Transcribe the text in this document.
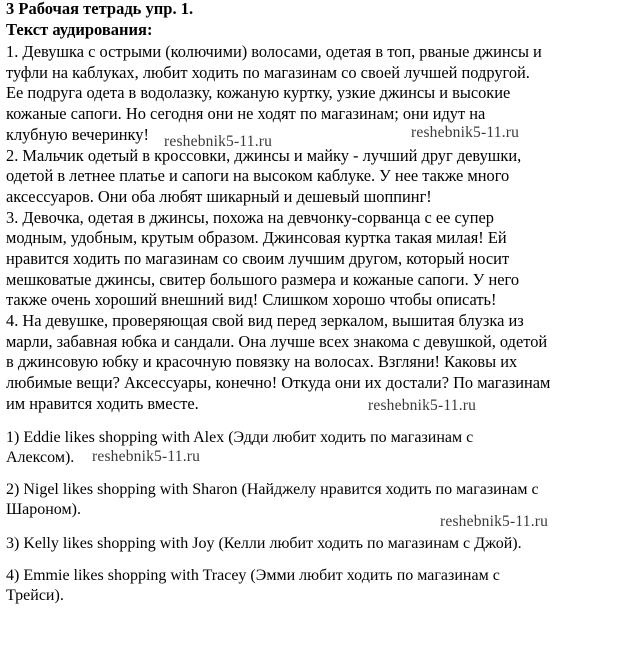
3 Рабочая тетрадь упр. 1.
Текст аудирования:
1. Девушка с острыми (колючими) волосами, одетая в топ, рваные джинсы и
туфли на каблуках, любит ходить по магазинам со своей лучшей подругой.
Ее подруга одета в водолазку, кожаную куртку, узкие джинсы и высокие
кожаные сапоги. Но сегодня они не ходят по магазинам; они идут на
клубную вечеринку!
2. Мальчик одетый в кроссовки, джинсы и майку - лучший друг девушки,
одетой в летнее платье и сапоги на высоком каблуке. У нее также много
аксессуаров. Они оба любят шикарный и дешевый шоппинг!
3. Девочка, одетая в джинсы, похожа на девчонку-сорванца с ее супер
модным, удобным, крутым образом. Джинсовая куртка такая милая! Ей
нравится ходить по магазинам со своим лучшим другом, который носит
мешковатые джинсы, свитер большого размера и кожаные сапоги. У него
также очень хороший внешний вид! Слишком хорошо чтобы описать!
4. На девушке, проверяющая свой вид перед зеркалом, вышитая блузка из
марли, забавная юбка и сандали. Она лучше всех знакома с девушкой, одетой
в джинсовую юбку и красочную повязку на волосах. Взгляни! Каковы их
любимые вещи? Аксессуары, конечно! Откуда они их достали? По магазинам
им нравится ходить вместе.
1) Eddie likes shopping with Alex (Эдди любит ходить по магазинам с
Алексом).
2) Nigel likes shopping with Sharon (Найджелу нравится ходить по магазинам с
Шароном).
3) Kelly likes shopping with Joy (Келли любит ходить по магазинам с Джой).
4) Emmie likes shopping with Tracey (Эмми любит ходить по магазинам с
Трейси).
reshebnik5-11.ru
reshebnik5-11.ru
reshebnik5-11.ru
reshebnik5-11.ru
reshebnik5-11.ru
